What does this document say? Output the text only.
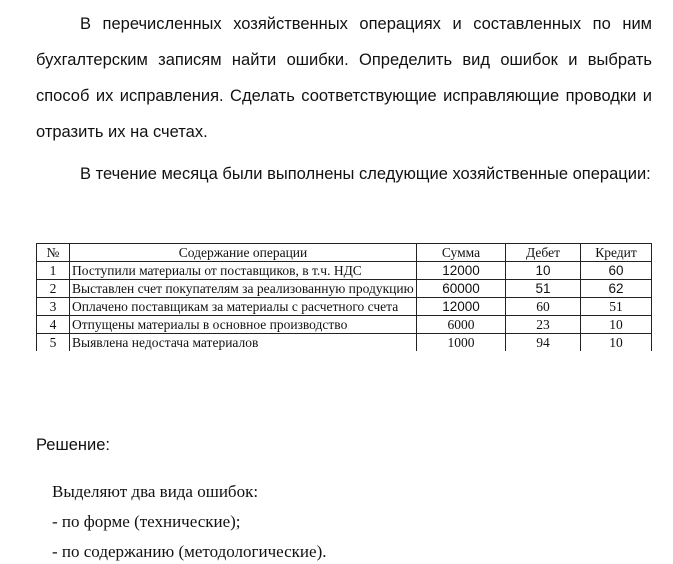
В перечисленных хозяйственных операциях и составленных по ним бухгалтерским записям найти ошибки. Определить вид ошибок и выбрать способ их исправления. Сделать соответствующие исправляющие проводки и отразить их на счетах.

В течение месяца были выполнены следующие хозяйственные операции:

№	Содержание операции	Сумма	Дебет	Кредит
1	Поступили материалы от поставщиков, в т.ч. НДС	12000	10	60
2	Выставлен счет покупателям за реализованную продукцию	60000	51	62
3	Оплачено поставщикам за материалы с расчетного счета	12000	60	51
4	Отпущены материалы в основное производство	6000	23	10
5	Выявлена недостача материалов	1000	94	10

Решение:

Выделяют два вида ошибок:

- по форме (технические);

- по содержанию (методологические).
